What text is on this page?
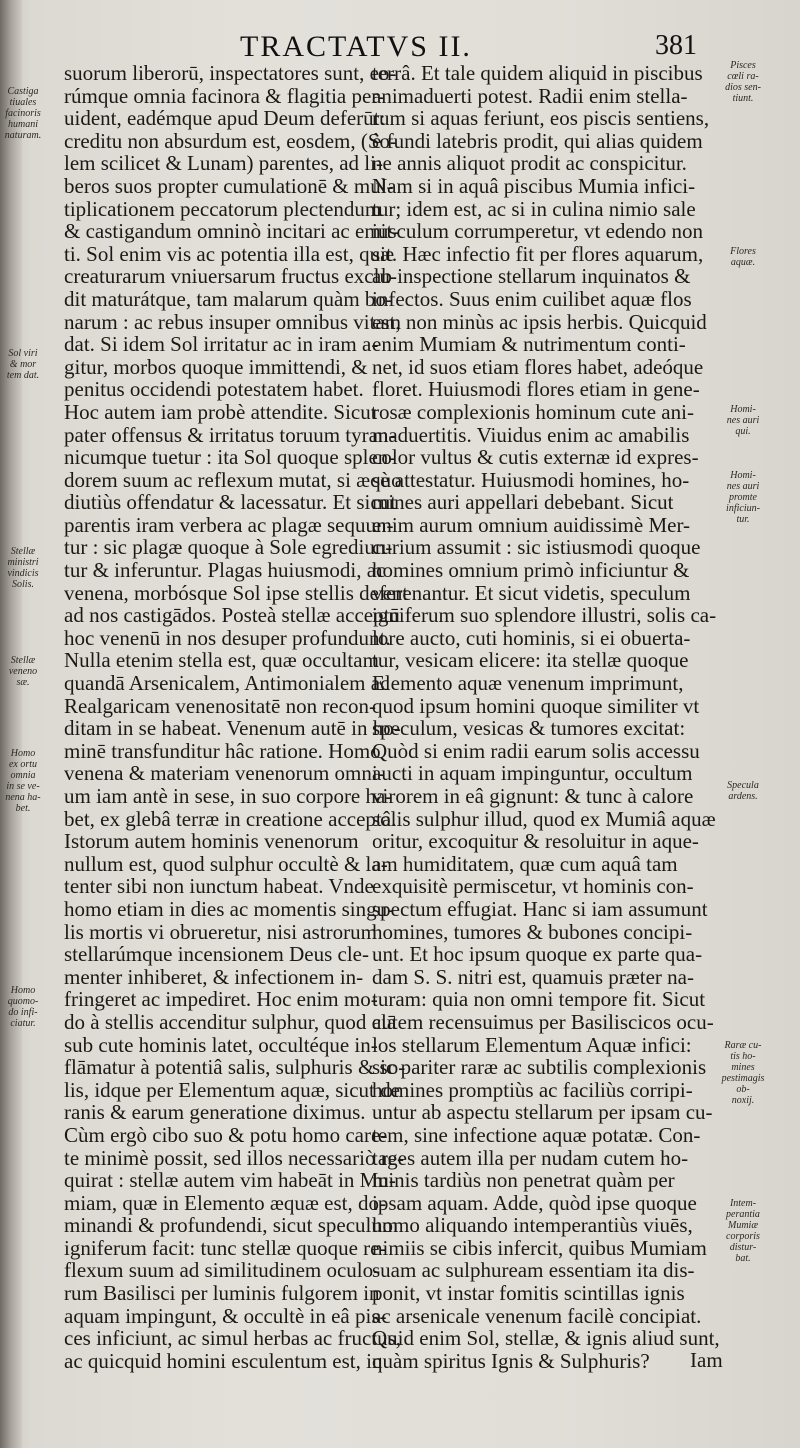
TRACTATVS II.	381
suorum liberorū, inspectatores sunt, eo-
rúmque omnia facinora & flagitia per-
uident, eadémque apud Deum deferūt:
creditu non absurdum est, eosdem, (So-
lem scilicet & Lunam) parentes, ad li-
beros suos propter cumulationē & mul-
tiplicationem peccatorum plectendum
& castigandum omninò incitari ac emit-
ti. Sol enim vis ac potentia illa est, quæ
creaturarum vniuersarum fructus exclu-
dit maturátque, tam malarum quàm bo-
narum : ac rebus insuper omnibus vitam
dat. Si idem Sol irritatur ac in iram a-
gitur, morbos quoque immittendi, &
penitus occidendi potestatem habet.
Hoc autem iam probè attendite. Sicut
pater offensus & irritatus toruum tyran-
nicumque tuetur : ita Sol quoque splen-
dorem suum ac reflexum mutat, si æquo
diutiùs offendatur & lacessatur. Et sicut
parentis iram verbera ac plagæ sequun-
tur : sic plagæ quoque à Sole egrediun-
tur & inferuntur. Plagas huiusmodi, ac
venena, morbósque Sol ipse stellis defert
ad nos castigādos. Posteà stellæ acceptū
hoc venenū in nos desuper profundunt.
Nulla etenim stella est, quæ occultam
quandā Arsenicalem, Antimonialem ac
Realgaricam venenositatē non recon-
ditam in se habeat. Venenum autē in ho-
minē transfunditur hâc ratione. Homo
venena & materiam venenorum omni-
um iam antè in sese, in suo corpore ha-
bet, ex glebâ terræ in creatione acceptâ.
Istorum autem hominis venenorum
nullum est, quod sulphur occultè & la-
tenter sibi non iunctum habeat. Vnde
homo etiam in dies ac momentis singu-
lis mortis vi obrueretur, nisi astrorum
stellarúmque incensionem Deus cle-
menter inhiberet, & infectionem in-
fringeret ac impediret. Hoc enim mo-
do à stellis accenditur sulphur, quod clā
sub cute hominis latet, occultéque in-
flāmatur à potentiâ salis, sulphuris & so-
lis, idque per Elementum aquæ, sicut de
ranis & earum generatione diximus.
Cùm ergò cibo suo & potu homo care-
te minimè possit, sed illos necessariò re-
quirat : stellæ autem vim habeāt in Mu-
miam, quæ in Elemento æquæ est, do-
minandi & profundendi, sicut speculum
igniferum facit: tunc stellæ quoque re-
flexum suum ad similitudinem oculo-
rum Basilisci per luminis fulgorem in
aquam impingunt, & occultè in eâ pis-
ces inficiunt, ac simul herbas ac fructus,
ac quicquid homini esculentum est, in
terrâ. Et tale quidem aliquid in piscibus
animaduerti potest. Radii enim stella-
rum si aquas feriunt, eos piscis sentiens,
è fundi latebris prodit, qui alias quidem
ne annis aliquot prodit ac conspicitur.
Nam si in aquâ piscibus Mumia infici-
tur; idem est, ac si in culina nimio sale
iusculum corrumperetur, vt edendo non
sit. Hæc infectio fit per flores aquarum,
ab inspectione stellarum inquinatos &
infectos. Suus enim cuilibet aquæ flos
est, non minùs ac ipsis herbis. Quicquid
enim Mumiam & nutrimentum conti-
net, id suos etiam flores habet, adeóque
floret. Huiusmodi flores etiam in gene-
rosæ complexionis hominum cute ani-
maduertitis. Viuidus enim ac amabilis
color vultus & cutis externæ id expres-
sè attestatur. Huiusmodi homines, ho-
mines auri appellari debebant. Sicut
enim aurum omnium auidissimè Mer-
curium assumit : sic istiusmodi quoque
homines omnium primò inficiuntur &
venenantur. Et sicut videtis, speculum
igniferum suo splendore illustri, solis ca-
lore aucto, cuti hominis, si ei obuerta-
tur, vesicam elicere: ita stellæ quoque
Elemento aquæ venenum imprimunt,
quod ipsum homini quoque similiter vt
speculum, vesicas & tumores excitat:
Quòd si enim radii earum solis accessu
aucti in aquam impinguntur, occultum
virorem in eâ gignunt: & tunc à calore
solis sulphur illud, quod ex Mumiâ aquæ
oritur, excoquitur & resoluitur in aque-
am humiditatem, quæ cum aquâ tam
exquisitè permiscetur, vt hominis con-
spectum effugiat. Hanc si iam assumunt
homines, tumores & bubones concipi-
unt. Et hoc ipsum quoque ex parte qua-
dam S. S. nitri est, quamuis præter na-
turam: quia non omni tempore fit. Sicut
autem recensuimus per Basiliscicos ocu-
los stellarum Elementum Aquæ infici:
sic pariter raræ ac subtilis complexionis
homines promptiùs ac faciliùs corripi-
untur ab aspectu stellarum per ipsam cu-
tem, sine infectione aquæ potatæ. Con-
tages autem illa per nudam cutem ho-
minis tardiùs non penetrat quàm per
ipsam aquam. Adde, quòd ipse quoque
homo aliquando intemperantiùs viuēs,
nimiis se cibis infercit, quibus Mumiam
suam ac sulphuream essentiam ita dis-
ponit, vt instar fomitis scintillas ignis
ac arsenicale venenum facilè concipiat.
Quid enim Sol, stellæ, & ignis aliud sunt,
quàm spiritus Ignis & Sulphuris?	Iam
Castiga
tiuales
facinoris
humani
naturam.
Sol viri
& mor
tem dat.
Stellæ
ministri
vindicis
Solis.
Stellæ
veneno
sæ.
Homo
ex ortu
omnia
in se ve-
nena ha-
bet.
Homo
quomo-
do infi-
ciatur.
Pisces
cœli ra-
dios sen-
tiunt.
Flores
aquæ.
Homi-
nes auri
qui.
Homi-
nes auri
promte
inficiun-
tur.
Specula
ardens.
Raræ cu-
tis ho-
mines
pestimagis
ob-
noxij.
Intem-
perantia
Mumiæ
corporis
distur-
bat.
